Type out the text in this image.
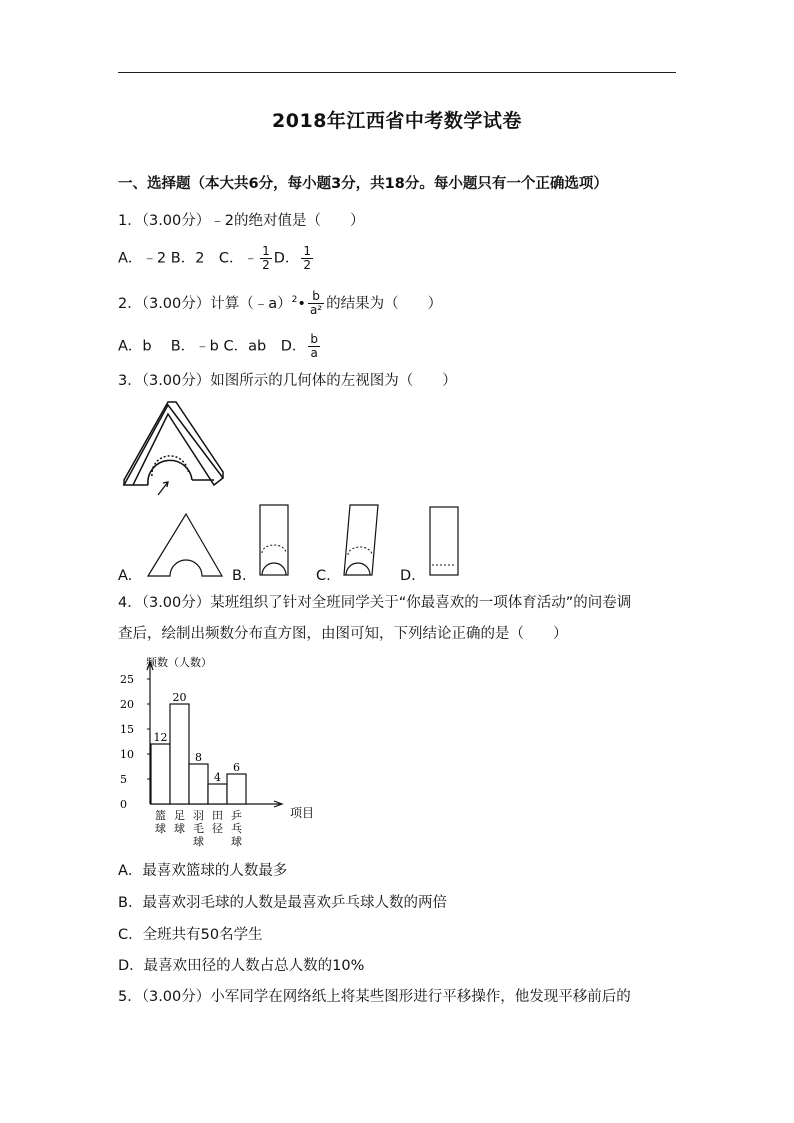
2018年江西省中考数学试卷
一、选择题（本大共6分，每小题3分，共18分。每小题只有一个正确选项）
1．（3.00分）﹣2的绝对值是（　　）
A．﹣2 B．2　C．﹣ $\frac{1}{2}$ D． $\frac{1}{2}$
2．（3.00分）计算（﹣a）$^2$• $\frac{b}{\text{a²}}$ 的结果为（　　）
A．b　 B．﹣b C．ab　D． $\frac{b}{a}$
3．（3.00分）如图所示的几何体的左视图为（　　）
A.	B.	C.	D.
4．（3.00分）某班组织了针对全班同学关于“你最喜欢的一项体育活动”的问卷调
查后，绘制出频数分布直方图，由图可知，下列结论正确的是（　　）
0
5
10
15
20
25
12
20
8
4
6
篮球
足球
羽毛球
田径
乒乓球
频数（人数）
项目
A．最喜欢篮球的人数最多
B．最喜欢羽毛球的人数是最喜欢乒乓球人数的两倍
C．全班共有50名学生
D．最喜欢田径的人数占总人数的10%
5．（3.00分）小军同学在网络纸上将某些图形进行平移操作，他发现平移前后的
